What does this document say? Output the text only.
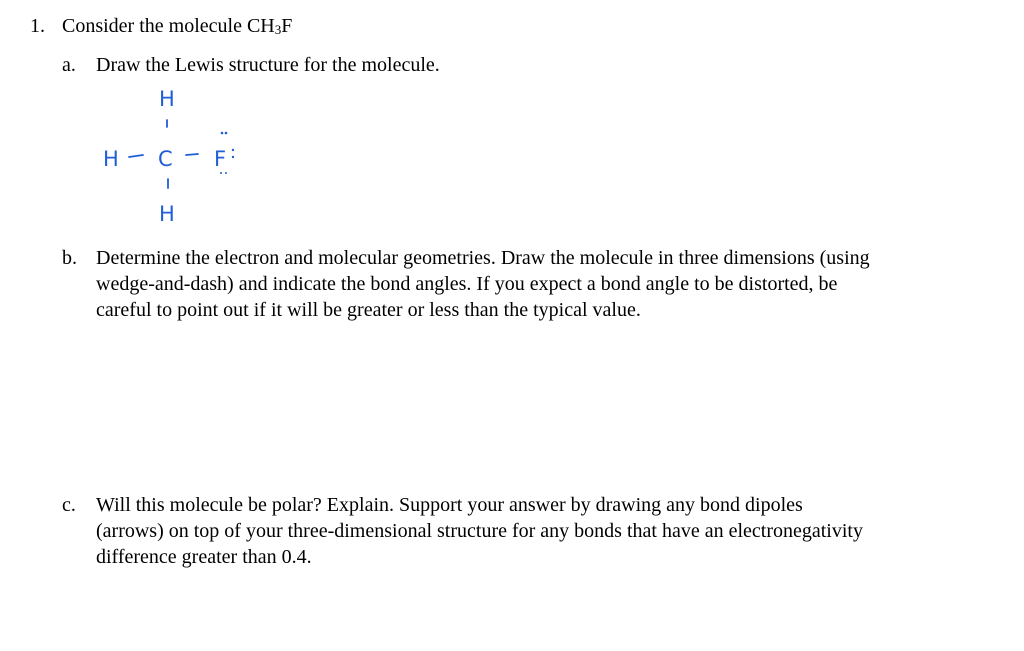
1. Consider the molecule $CH_3F$
a. Draw the Lewis structure for the molecule.
H
H C F
H
b. Determine the electron and molecular geometries. Draw the molecule in three dimensions (using
wedge-and-dash) and indicate the bond angles. If you expect a bond angle to be distorted, be
careful to point out if it will be greater or less than the typical value.
c. Will this molecule be polar? Explain. Support your answer by drawing any bond dipoles
(arrows) on top of your three-dimensional structure for any bonds that have an electronegativity
difference greater than 0.4.
